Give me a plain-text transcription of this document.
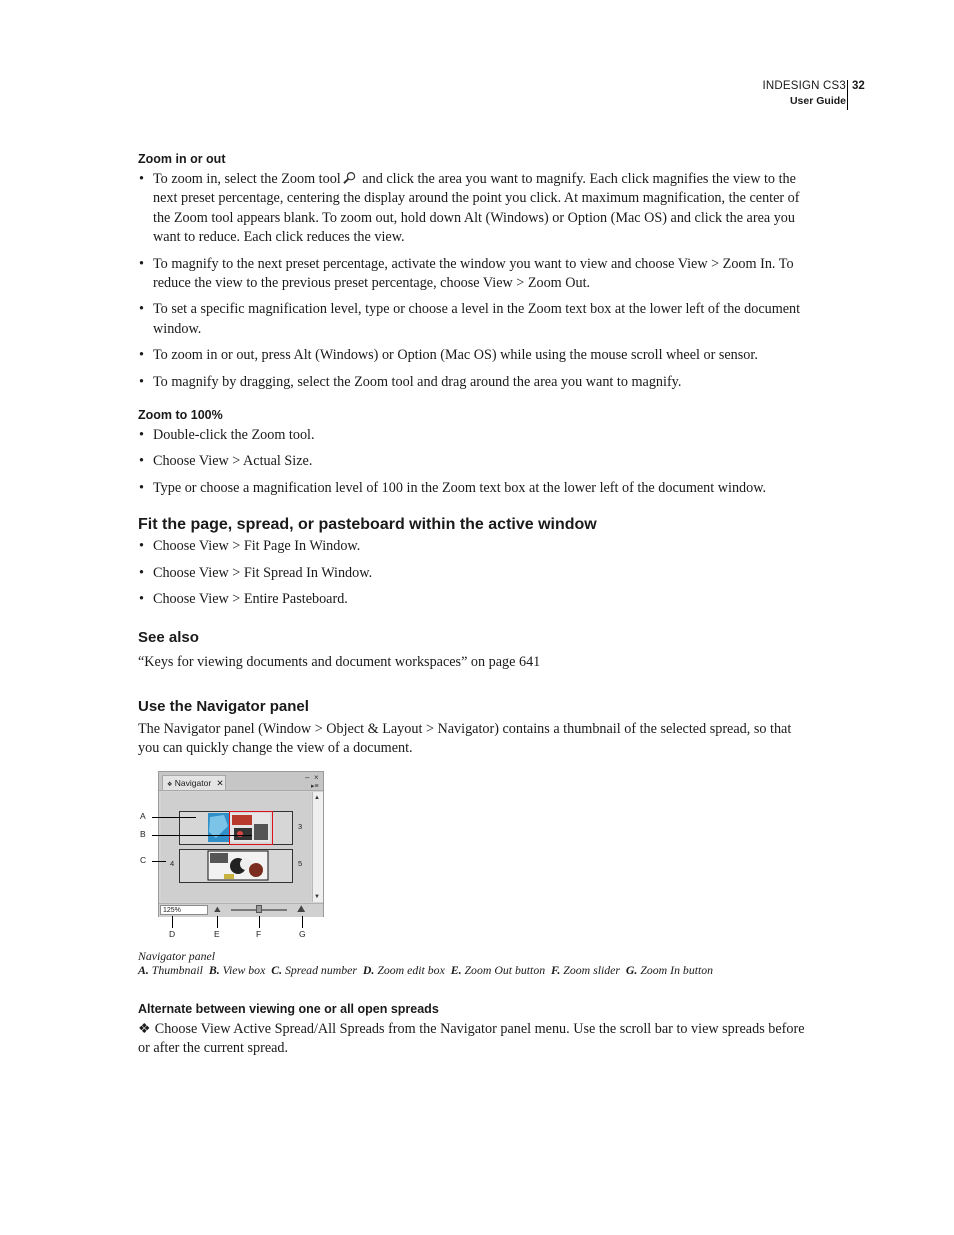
INDESIGN CS3
User Guide
32
Zoom in or out
• To zoom in, select the Zoom tool and click the area you want to magnify. Each click magnifies the view to the next preset percentage, centering the display around the point you click. At maximum magnification, the center of the Zoom tool appears blank. To zoom out, hold down Alt (Windows) or Option (Mac OS) and click the area you want to reduce. Each click reduces the view.
• To magnify to the next preset percentage, activate the window you want to view and choose View > Zoom In. To reduce the view to the previous preset percentage, choose View > Zoom Out.
• To set a specific magnification level, type or choose a level in the Zoom text box at the lower left of the document window.
• To zoom in or out, press Alt (Windows) or Option (Mac OS) while using the mouse scroll wheel or sensor.
• To magnify by dragging, select the Zoom tool and drag around the area you want to magnify.
Zoom to 100%
• Double-click the Zoom tool.
• Choose View > Actual Size.
• Type or choose a magnification level of 100 in the Zoom text box at the lower left of the document window.
Fit the page, spread, or pasteboard within the active window
• Choose View > Fit Page In Window.
• Choose View > Fit Spread In Window.
• Choose View > Entire Pasteboard.
See also

“Keys for viewing documents and document workspaces” on page 641

Use the Navigator panel

The Navigator panel (Window > Object & Layout > Navigator) contains a thumbnail of the selected spread, so that you can quickly change the view of a document.

❖ Navigator ✕
– ×
▸≡
3
4	5
▲
▼
125%	⛰	⛰
A
B
C
D	E	F	G
Navigator panel
A. Thumbnail B. View box C. Spread number D. Zoom edit box E. Zoom Out button F. Zoom slider G. Zoom In button
Alternate between viewing one or all open spreads

❖ Choose View Active Spread/All Spreads from the Navigator panel menu. Use the scroll bar to view spreads before or after the current spread.
